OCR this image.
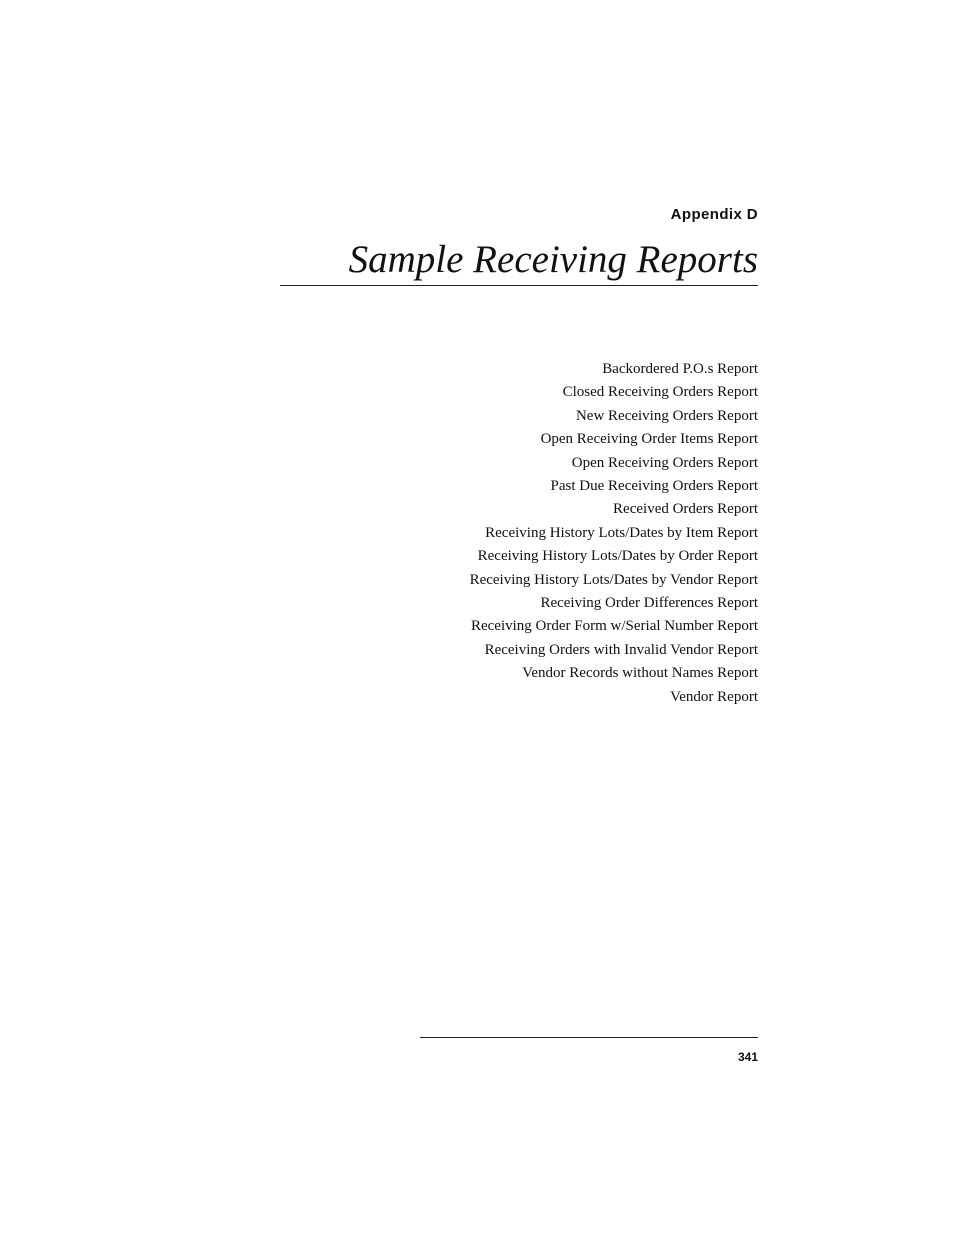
Appendix D
Sample Receiving Reports
Backordered P.O.s Report
Closed Receiving Orders Report
New Receiving Orders Report
Open Receiving Order Items Report
Open Receiving Orders Report
Past Due Receiving Orders Report
Received Orders Report
Receiving History Lots/Dates by Item Report
Receiving History Lots/Dates by Order Report
Receiving History Lots/Dates by Vendor Report
Receiving Order Differences Report
Receiving Order Form w/Serial Number Report
Receiving Orders with Invalid Vendor Report
Vendor Records without Names Report
Vendor Report
341
